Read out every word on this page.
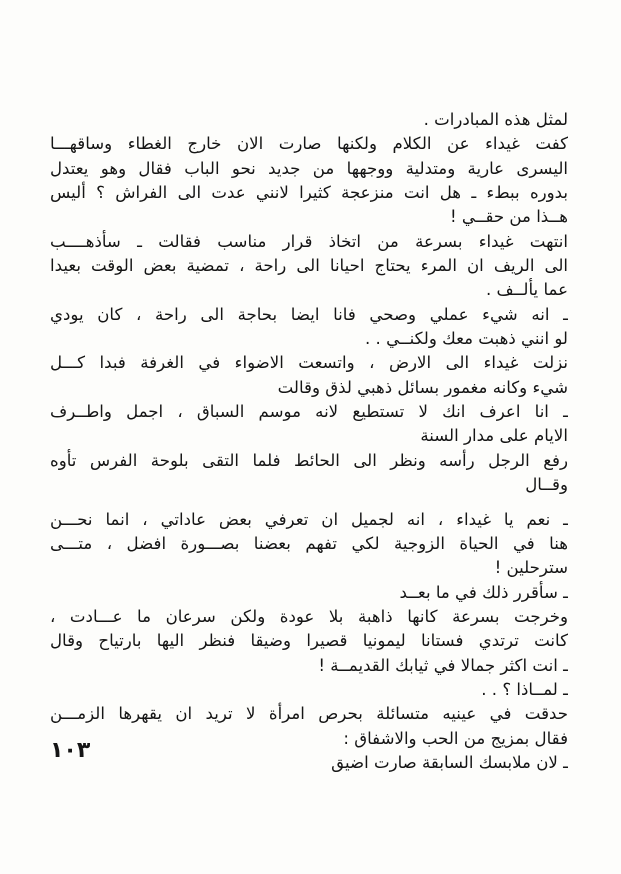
لمثل هذه المبادرات .
كفت غيداء عن الكلام ولكنها صارت الان خارج الغطاء وساقهـــا
اليسرى عارية ومتدلية ووجهها من جديد نحو الباب فقال وهو يعتدل
بدوره ببطء ـ هل انت منزعجة كثيرا لانني عدت الى الفراش ؟ أليس
هــذا من حقــي !
انتهت غيداء بسرعة من اتخاذ قرار مناسب فقالت ـ سأذهــــب
الى الريف ان المرء يحتاج احيانا الى راحة ، تمضية بعض الوقت بعيدا
عما يألــف .
ـ انه شيء عملي وصحي فانا ايضا بحاجة الى راحة ، كان يودي
لو انني ذهبت معك ولكنــي . .
نزلت غيداء الى الارض ، واتسعت الاضواء في الغرفة فبدا كـــل
شيء وكانه مغمور بسائل ذهبي لذق وقالت
ـ انا اعرف انك لا تستطيع لانه موسم السباق ، اجمل واطــرف
الايام على مدار السنة
رفع الرجل رأسه ونظر الى الحائط فلما التقى بلوحة الفرس تأوه
وقــال
ـ نعم يا غيداء ، انه لجميل ان تعرفي بعض عاداتي ، انما نحـــن
هنا في الحياة الزوجية لكي تفهم بعضنا بصـــورة افضل ، متـــى
سترحلين !
ـ سأقرر ذلك في ما بعــد
وخرجت بسرعة كانها ذاهبة بلا عودة ولكن سرعان ما عـــادت ،
كانت ترتدي فستانا ليمونيا قصيرا وضيقا فنظر اليها بارتياح وقال
ـ انت اكثر جمالا في ثيابك القديمــة !
ـ لمــاذا ؟ . .
حدقت في عينيه متسائلة بحرص امرأة لا تريد ان يقهرها الزمـــن
فقال بمزيج من الحب والاشفاق :
ـ لان ملابسك السابقة صارت اضيق
١٠٣
